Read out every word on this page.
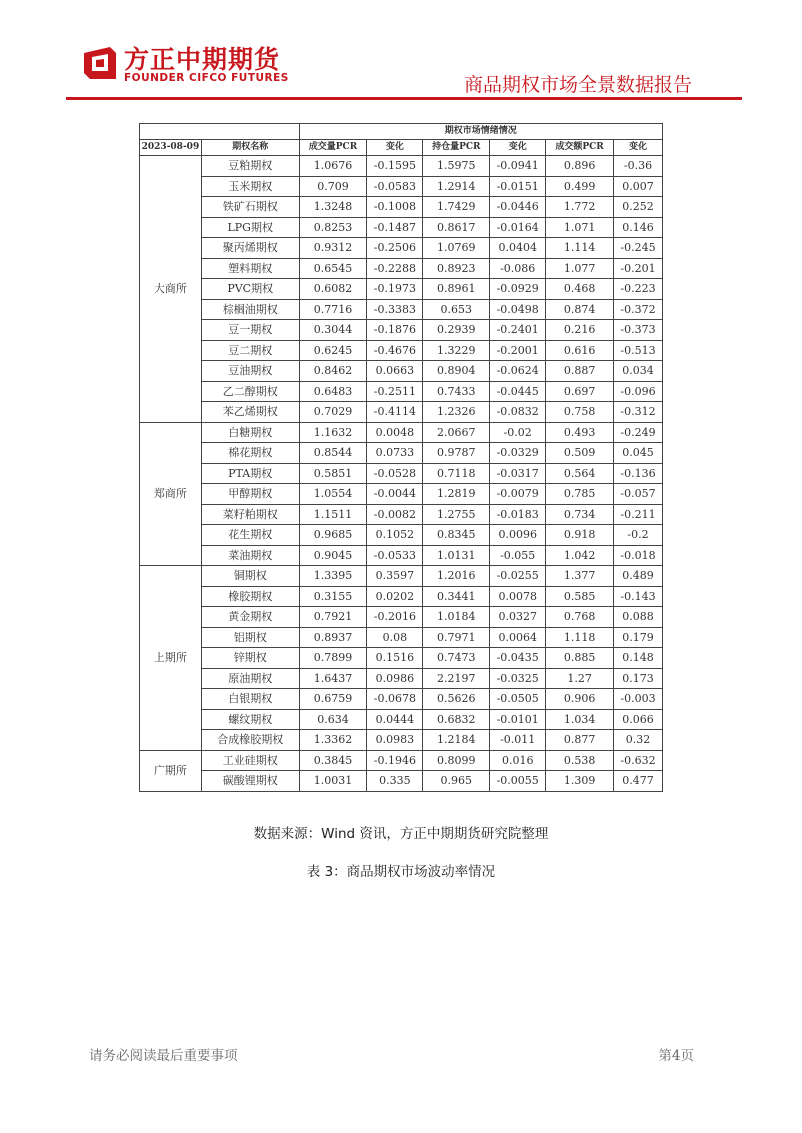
方正中期期货
FOUNDER CIFCO FUTURES	商品期权市场全景数据报告
		期权市场情绪情况					
2023-08-09	期权名称	成交量PCR	变化	持仓量PCR	变化	成交额PCR	变化
大商所	豆粕期权	1.0676	-0.1595	1.5975	-0.0941	0.896	-0.36
	玉米期权	0.709	-0.0583	1.2914	-0.0151	0.499	0.007
	铁矿石期权	1.3248	-0.1008	1.7429	-0.0446	1.772	0.252
	LPG期权	0.8253	-0.1487	0.8617	-0.0164	1.071	0.146
	聚丙烯期权	0.9312	-0.2506	1.0769	0.0404	1.114	-0.245
	塑料期权	0.6545	-0.2288	0.8923	-0.086	1.077	-0.201
	PVC期权	0.6082	-0.1973	0.8961	-0.0929	0.468	-0.223
	棕榈油期权	0.7716	-0.3383	0.653	-0.0498	0.874	-0.372
	豆一期权	0.3044	-0.1876	0.2939	-0.2401	0.216	-0.373
	豆二期权	0.6245	-0.4676	1.3229	-0.2001	0.616	-0.513
	豆油期权	0.8462	0.0663	0.8904	-0.0624	0.887	0.034
	乙二醇期权	0.6483	-0.2511	0.7433	-0.0445	0.697	-0.096
	苯乙烯期权	0.7029	-0.4114	1.2326	-0.0832	0.758	-0.312
郑商所	白糖期权	1.1632	0.0048	2.0667	-0.02	0.493	-0.249
	棉花期权	0.8544	0.0733	0.9787	-0.0329	0.509	0.045
	PTA期权	0.5851	-0.0528	0.7118	-0.0317	0.564	-0.136
	甲醇期权	1.0554	-0.0044	1.2819	-0.0079	0.785	-0.057
	菜籽粕期权	1.1511	-0.0082	1.2755	-0.0183	0.734	-0.211
	花生期权	0.9685	0.1052	0.8345	0.0096	0.918	-0.2
	菜油期权	0.9045	-0.0533	1.0131	-0.055	1.042	-0.018
上期所	铜期权	1.3395	0.3597	1.2016	-0.0255	1.377	0.489
	橡胶期权	0.3155	0.0202	0.3441	0.0078	0.585	-0.143
	黄金期权	0.7921	-0.2016	1.0184	0.0327	0.768	0.088
	铝期权	0.8937	0.08	0.7971	0.0064	1.118	0.179
	锌期权	0.7899	0.1516	0.7473	-0.0435	0.885	0.148
	原油期权	1.6437	0.0986	2.2197	-0.0325	1.27	0.173
	白银期权	0.6759	-0.0678	0.5626	-0.0505	0.906	-0.003
	螺纹期权	0.634	0.0444	0.6832	-0.0101	1.034	0.066
	合成橡胶期权	1.3362	0.0983	1.2184	-0.011	0.877	0.32
广期所	工业硅期权	0.3845	-0.1946	0.8099	0.016	0.538	-0.632
	碳酸锂期权	1.0031	0.335	0.965	-0.0055	1.309	0.477
数据来源：Wind 资讯，方正中期期货研究院整理
表 3：商品期权市场波动率情况
请务必阅读最后重要事项	第4页
